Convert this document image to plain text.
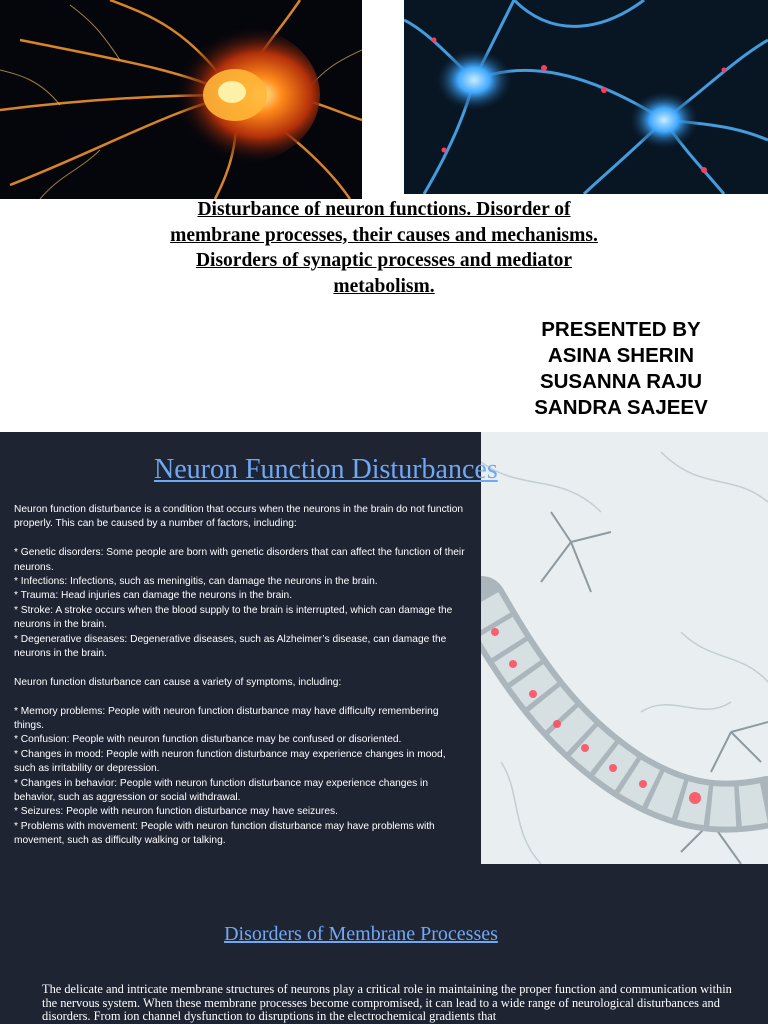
Disturbance of neuron functions. Disorder of
membrane processes, their causes and mechanisms.
Disorders of synaptic processes and mediator
metabolism.
PRESENTED BY
ASINA SHERIN
SUSANNA RAJU
SANDRA SAJEEV
Neuron Function Disturbances

Neuron function disturbance is a condition that occurs when the neurons in the brain do not function properly. This can be caused by a number of factors, including:

* Genetic disorders: Some people are born with genetic disorders that can affect the function of their neurons.

* Infections: Infections, such as meningitis, can damage the neurons in the brain.

* Trauma: Head injuries can damage the neurons in the brain.

* Stroke: A stroke occurs when the blood supply to the brain is interrupted, which can damage the neurons in the brain.

* Degenerative diseases: Degenerative diseases, such as Alzheimer’s disease, can damage the neurons in the brain.

Neuron function disturbance can cause a variety of symptoms, including:

* Memory problems: People with neuron function disturbance may have difficulty remembering things.

* Confusion: People with neuron function disturbance may be confused or disoriented.

* Changes in mood: People with neuron function disturbance may experience changes in mood, such as irritability or depression.

* Changes in behavior: People with neuron function disturbance may experience changes in behavior, such as aggression or social withdrawal.

* Seizures: People with neuron function disturbance may have seizures.

* Problems with movement: People with neuron function disturbance may have problems with movement, such as difficulty walking or talking.

Disorders of Membrane Processes
The delicate and intricate membrane structures of neurons play a critical role in maintaining the proper function and communication within the nervous system. When these membrane processes become compromised, it can lead to a wide range of neurological disturbances and disorders. From ion channel dysfunction to disruptions in the electrochemical gradients that
